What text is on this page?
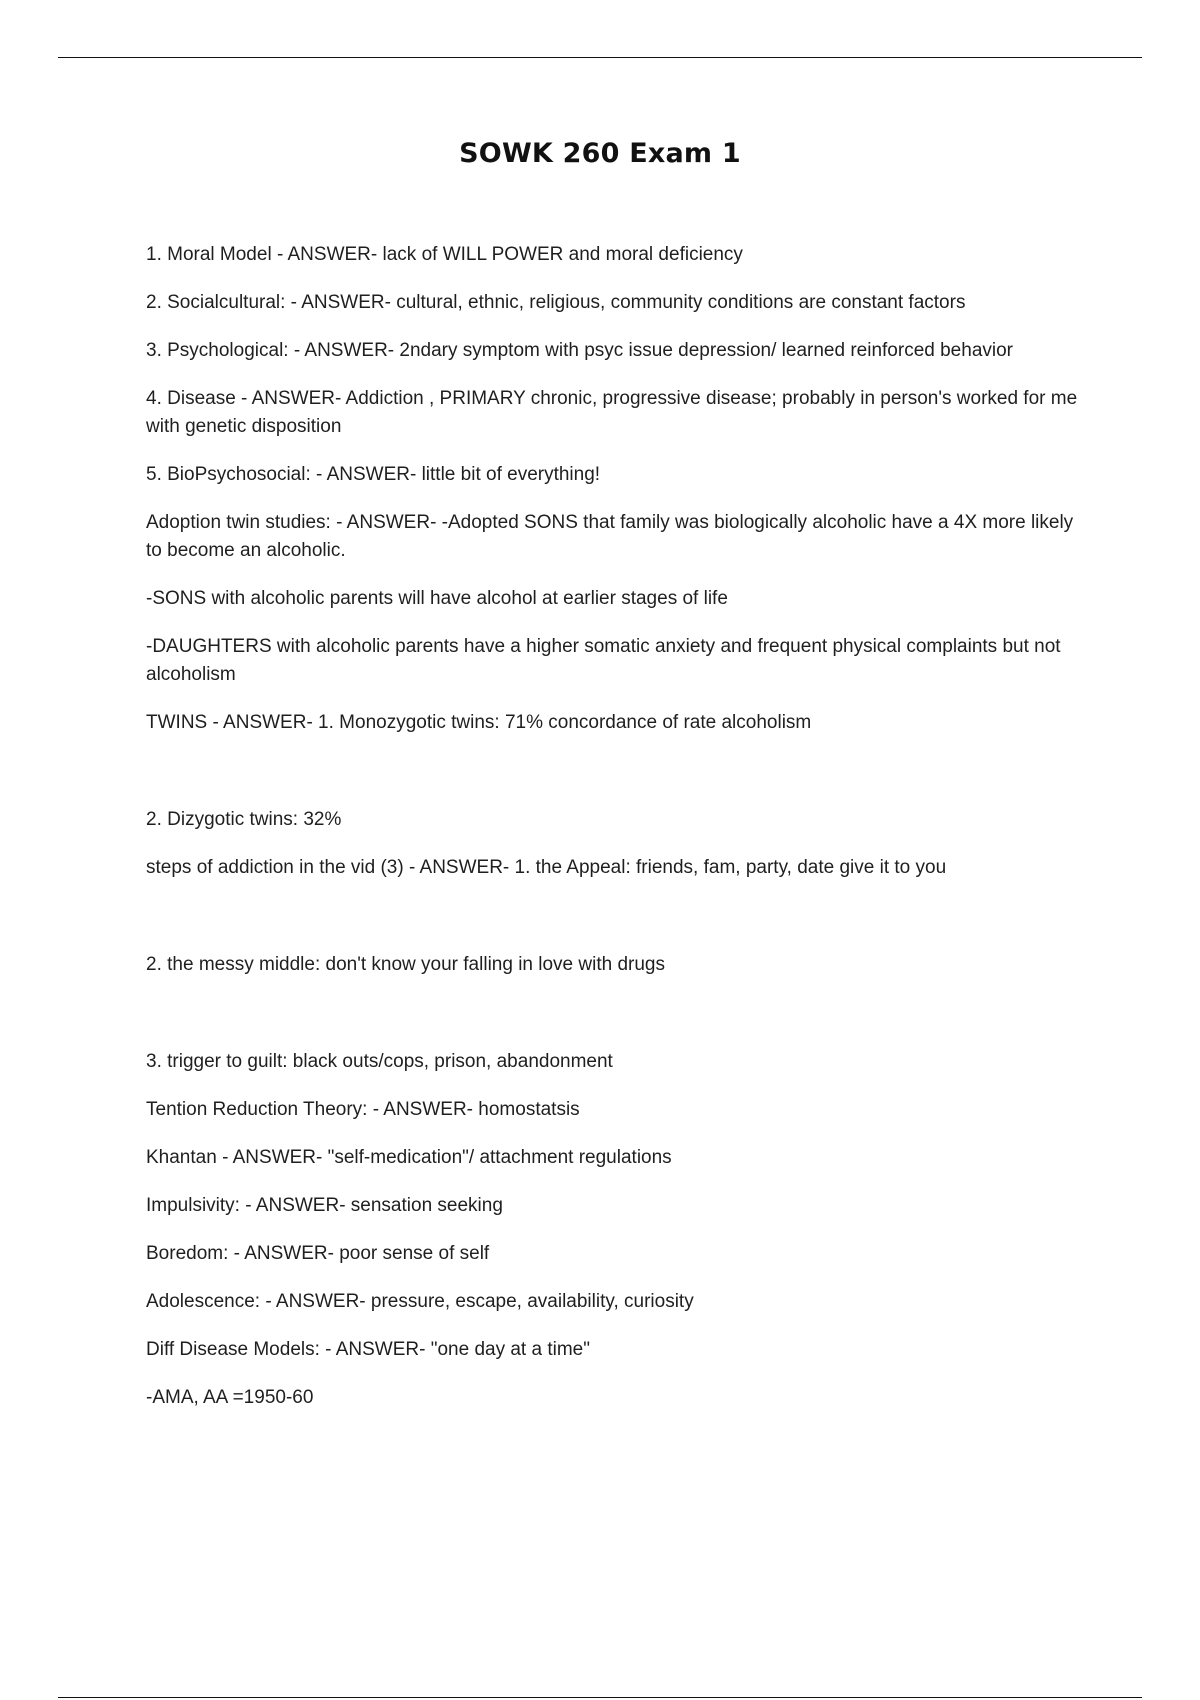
SOWK 260 Exam 1

1. Moral Model - ANSWER- lack of WILL POWER and moral deficiency

2. Socialcultural: - ANSWER- cultural, ethnic, religious, community conditions are constant factors

3. Psychological: - ANSWER- 2ndary symptom with psyc issue depression/ learned reinforced behavior

4. Disease - ANSWER- Addiction , PRIMARY chronic, progressive disease; probably in person's worked for me with genetic disposition

5. BioPsychosocial: - ANSWER- little bit of everything!

Adoption twin studies: - ANSWER- -Adopted SONS that family was biologically alcoholic have a 4X more likely to become an alcoholic.

-SONS with alcoholic parents will have alcohol at earlier stages of life

-DAUGHTERS with alcoholic parents have a higher somatic anxiety and frequent physical complaints but not alcoholism

TWINS - ANSWER- 1. Monozygotic twins: 71% concordance of rate alcoholism

2. Dizygotic twins: 32%

steps of addiction in the vid (3) - ANSWER- 1. the Appeal: friends, fam, party, date give it to you

2. the messy middle: don't know your falling in love with drugs

3. trigger to guilt: black outs/cops, prison, abandonment

Tention Reduction Theory: - ANSWER- homostatsis

Khantan - ANSWER- "self-medication"/ attachment regulations

Impulsivity: - ANSWER- sensation seeking

Boredom: - ANSWER- poor sense of self

Adolescence: - ANSWER- pressure, escape, availability, curiosity

Diff Disease Models: - ANSWER- "one day at a time"

-AMA, AA =1950-60
